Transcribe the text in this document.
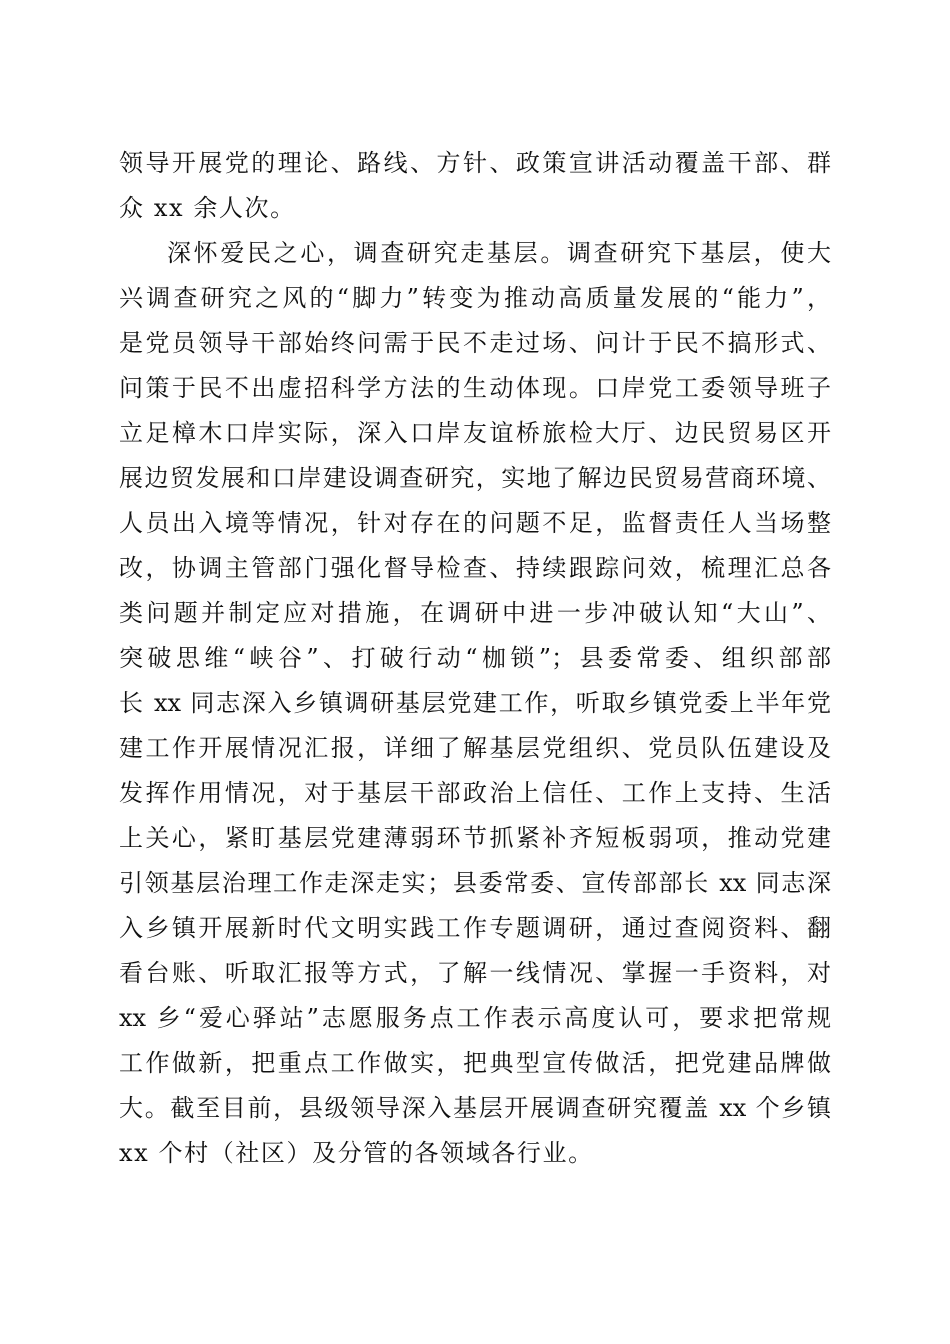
领导开展党的理论、路线、方针、政策宣讲活动覆盖干部、群
众 xx 余人次。
深怀爱民之心，调查研究走基层。调查研究下基层，使大
兴调查研究之风的“脚力”转变为推动高质量发展的“能力”，
是党员领导干部始终问需于民不走过场、问计于民不搞形式、
问策于民不出虚招科学方法的生动体现。口岸党工委领导班子
立足樟木口岸实际，深入口岸友谊桥旅检大厅、边民贸易区开
展边贸发展和口岸建设调查研究，实地了解边民贸易营商环境、
人员出入境等情况，针对存在的问题不足，监督责任人当场整
改，协调主管部门强化督导检查、持续跟踪问效，梳理汇总各
类问题并制定应对措施，在调研中进一步冲破认知“大山”、
突破思维“峡谷”、打破行动“枷锁”；县委常委、组织部部
长 xx 同志深入乡镇调研基层党建工作，听取乡镇党委上半年党
建工作开展情况汇报，详细了解基层党组织、党员队伍建设及
发挥作用情况，对于基层干部政治上信任、工作上支持、生活
上关心，紧盯基层党建薄弱环节抓紧补齐短板弱项，推动党建
引领基层治理工作走深走实；县委常委、宣传部部长 xx 同志深
入乡镇开展新时代文明实践工作专题调研，通过查阅资料、翻
看台账、听取汇报等方式，了解一线情况、掌握一手资料，对
xx 乡“爱心驿站”志愿服务点工作表示高度认可，要求把常规
工作做新，把重点工作做实，把典型宣传做活，把党建品牌做
大。截至目前，县级领导深入基层开展调查研究覆盖 xx 个乡镇
xx 个村（社区）及分管的各领域各行业。
